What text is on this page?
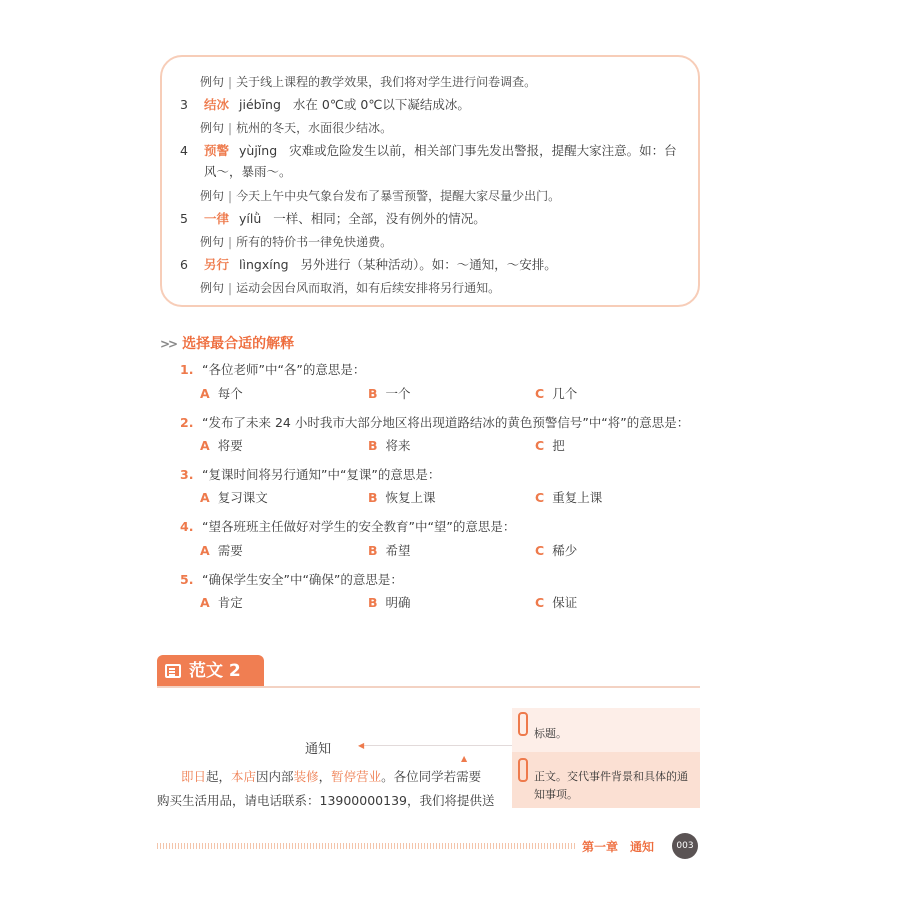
例句 | 关于线上课程的教学效果，我们将对学生进行问卷调查。
3 结冰 jiébīng 水在 0℃或 0℃以下凝结成冰。
例句 | 杭州的冬天，水面很少结冰。
4 预警 yùjǐng 灾难或危险发生以前，相关部门事先发出警报，提醒大家注意。如：台
风～，暴雨～。
例句 | 今天上午中央气象台发布了暴雪预警，提醒大家尽量少出门。
5 一律 yílǜ 一样、相同；全部，没有例外的情况。
例句 | 所有的特价书一律免快递费。
6 另行 lìngxíng 另外进行（某种活动）。如：～通知，～安排。
例句 | 运动会因台风而取消，如有后续安排将另行通知。
>> 选择最合适的解释
1. “各位老师”中“各”的意思是：
A 每个	B 一个	C 几个
2. “发布了未来 24 小时我市大部分地区将出现道路结冰的黄色预警信号”中“将”的意思是：
A 将要	B 将来	C 把
3. “复课时间将另行通知”中“复课”的意思是：
A 复习课文	B 恢复上课	C 重复上课
4. “望各班班主任做好对学生的安全教育”中“望”的意思是：
A 需要	B 希望	C 稀少
5. “确保学生安全”中“确保”的意思是：
A 肯定	B 明确	C 保证
范文 2
通知
即日起，本店因内部装修，暂停营业。各位同学若需要
购买生活用品，请电话联系：13900000139，我们将提供送
◀
▲
标题。
正文。交代事件背景和具体的通
知事项。
第一章 通知	003
